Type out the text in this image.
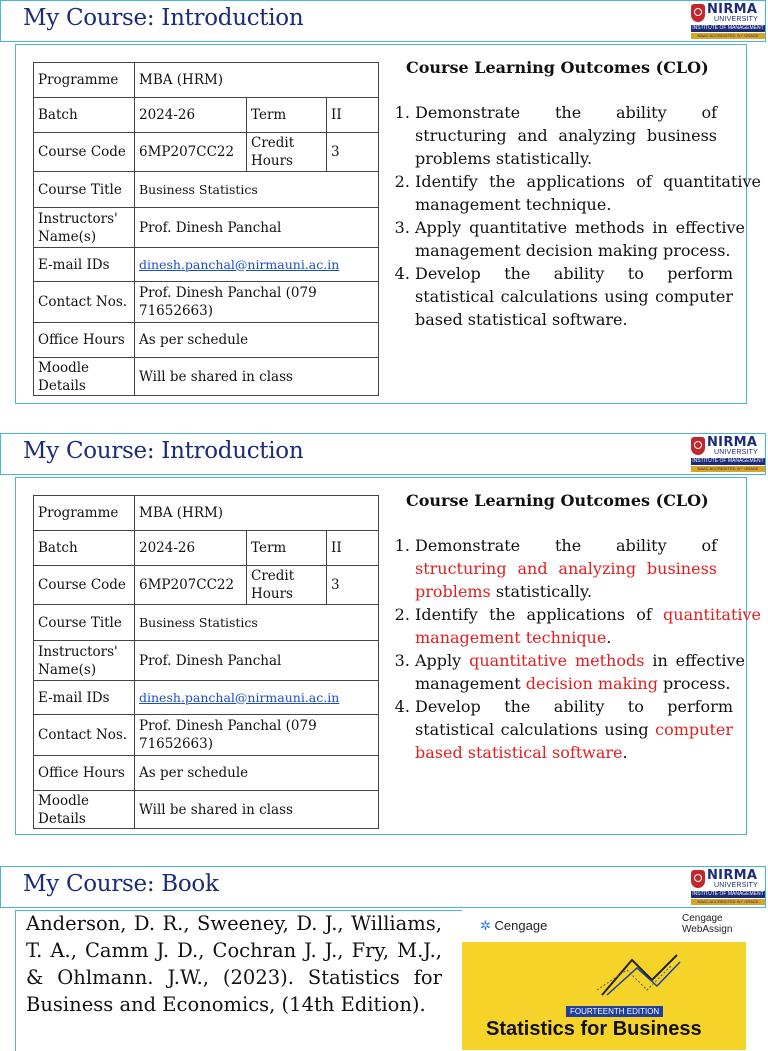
My Course: Introduction	NIRMA
UNIVERSITY
INSTITUTE OF MANAGEMENT
NAAC ACCREDITED 'A+' GRADE
Programme	MBA (HRM)		
Batch	2024-26	Term	II
Course Code	6MP207CC22	Credit Hours	3
Course Title	Business Statistics		
Instructors' Name(s)	Prof. Dinesh Panchal		
E-mail IDs	dinesh.panchal@nirmauni.ac.in		
Contact Nos.	Prof. Dinesh Panchal (079 71652663)		
Office Hours	As per schedule		
Moodle Details	Will be shared in class		
Course Learning Outcomes (CLO)
1. Demonstrate the ability of structuring and analyzing business problems statistically.
2. Identify the applications of quantitative management technique.
3. Apply quantitative methods in effective management decision making process.
4. Develop the ability to perform statistical calculations using computer based statistical software.
My Course: Introduction	NIRMA
UNIVERSITY
INSTITUTE OF MANAGEMENT
NAAC ACCREDITED 'A+' GRADE
Programme	MBA (HRM)		
Batch	2024-26	Term	II
Course Code	6MP207CC22	Credit Hours	3
Course Title	Business Statistics		
Instructors' Name(s)	Prof. Dinesh Panchal		
E-mail IDs	dinesh.panchal@nirmauni.ac.in		
Contact Nos.	Prof. Dinesh Panchal (079 71652663)		
Office Hours	As per schedule		
Moodle Details	Will be shared in class		
Course Learning Outcomes (CLO)
1. Demonstrate the ability of structuring and analyzing business problems statistically.
2. Identify the applications of quantitative management technique.
3. Apply quantitative methods in effective management decision making process.
4. Develop the ability to perform statistical calculations using computer based statistical software.
My Course: Book	NIRMA
UNIVERSITY
INSTITUTE OF MANAGEMENT
NAAC ACCREDITED 'A+' GRADE
Anderson, D. R., Sweeney, D. J., Williams, T. A., Camm J. D., Cochran J. J., Fry, M.J., & Ohlmann. J.W., (2023). Statistics for Business and Economics, (14th Edition).
✲ Cengage	Cengage WebAssign
FOURTEENTH EDITION
Statistics for Business
